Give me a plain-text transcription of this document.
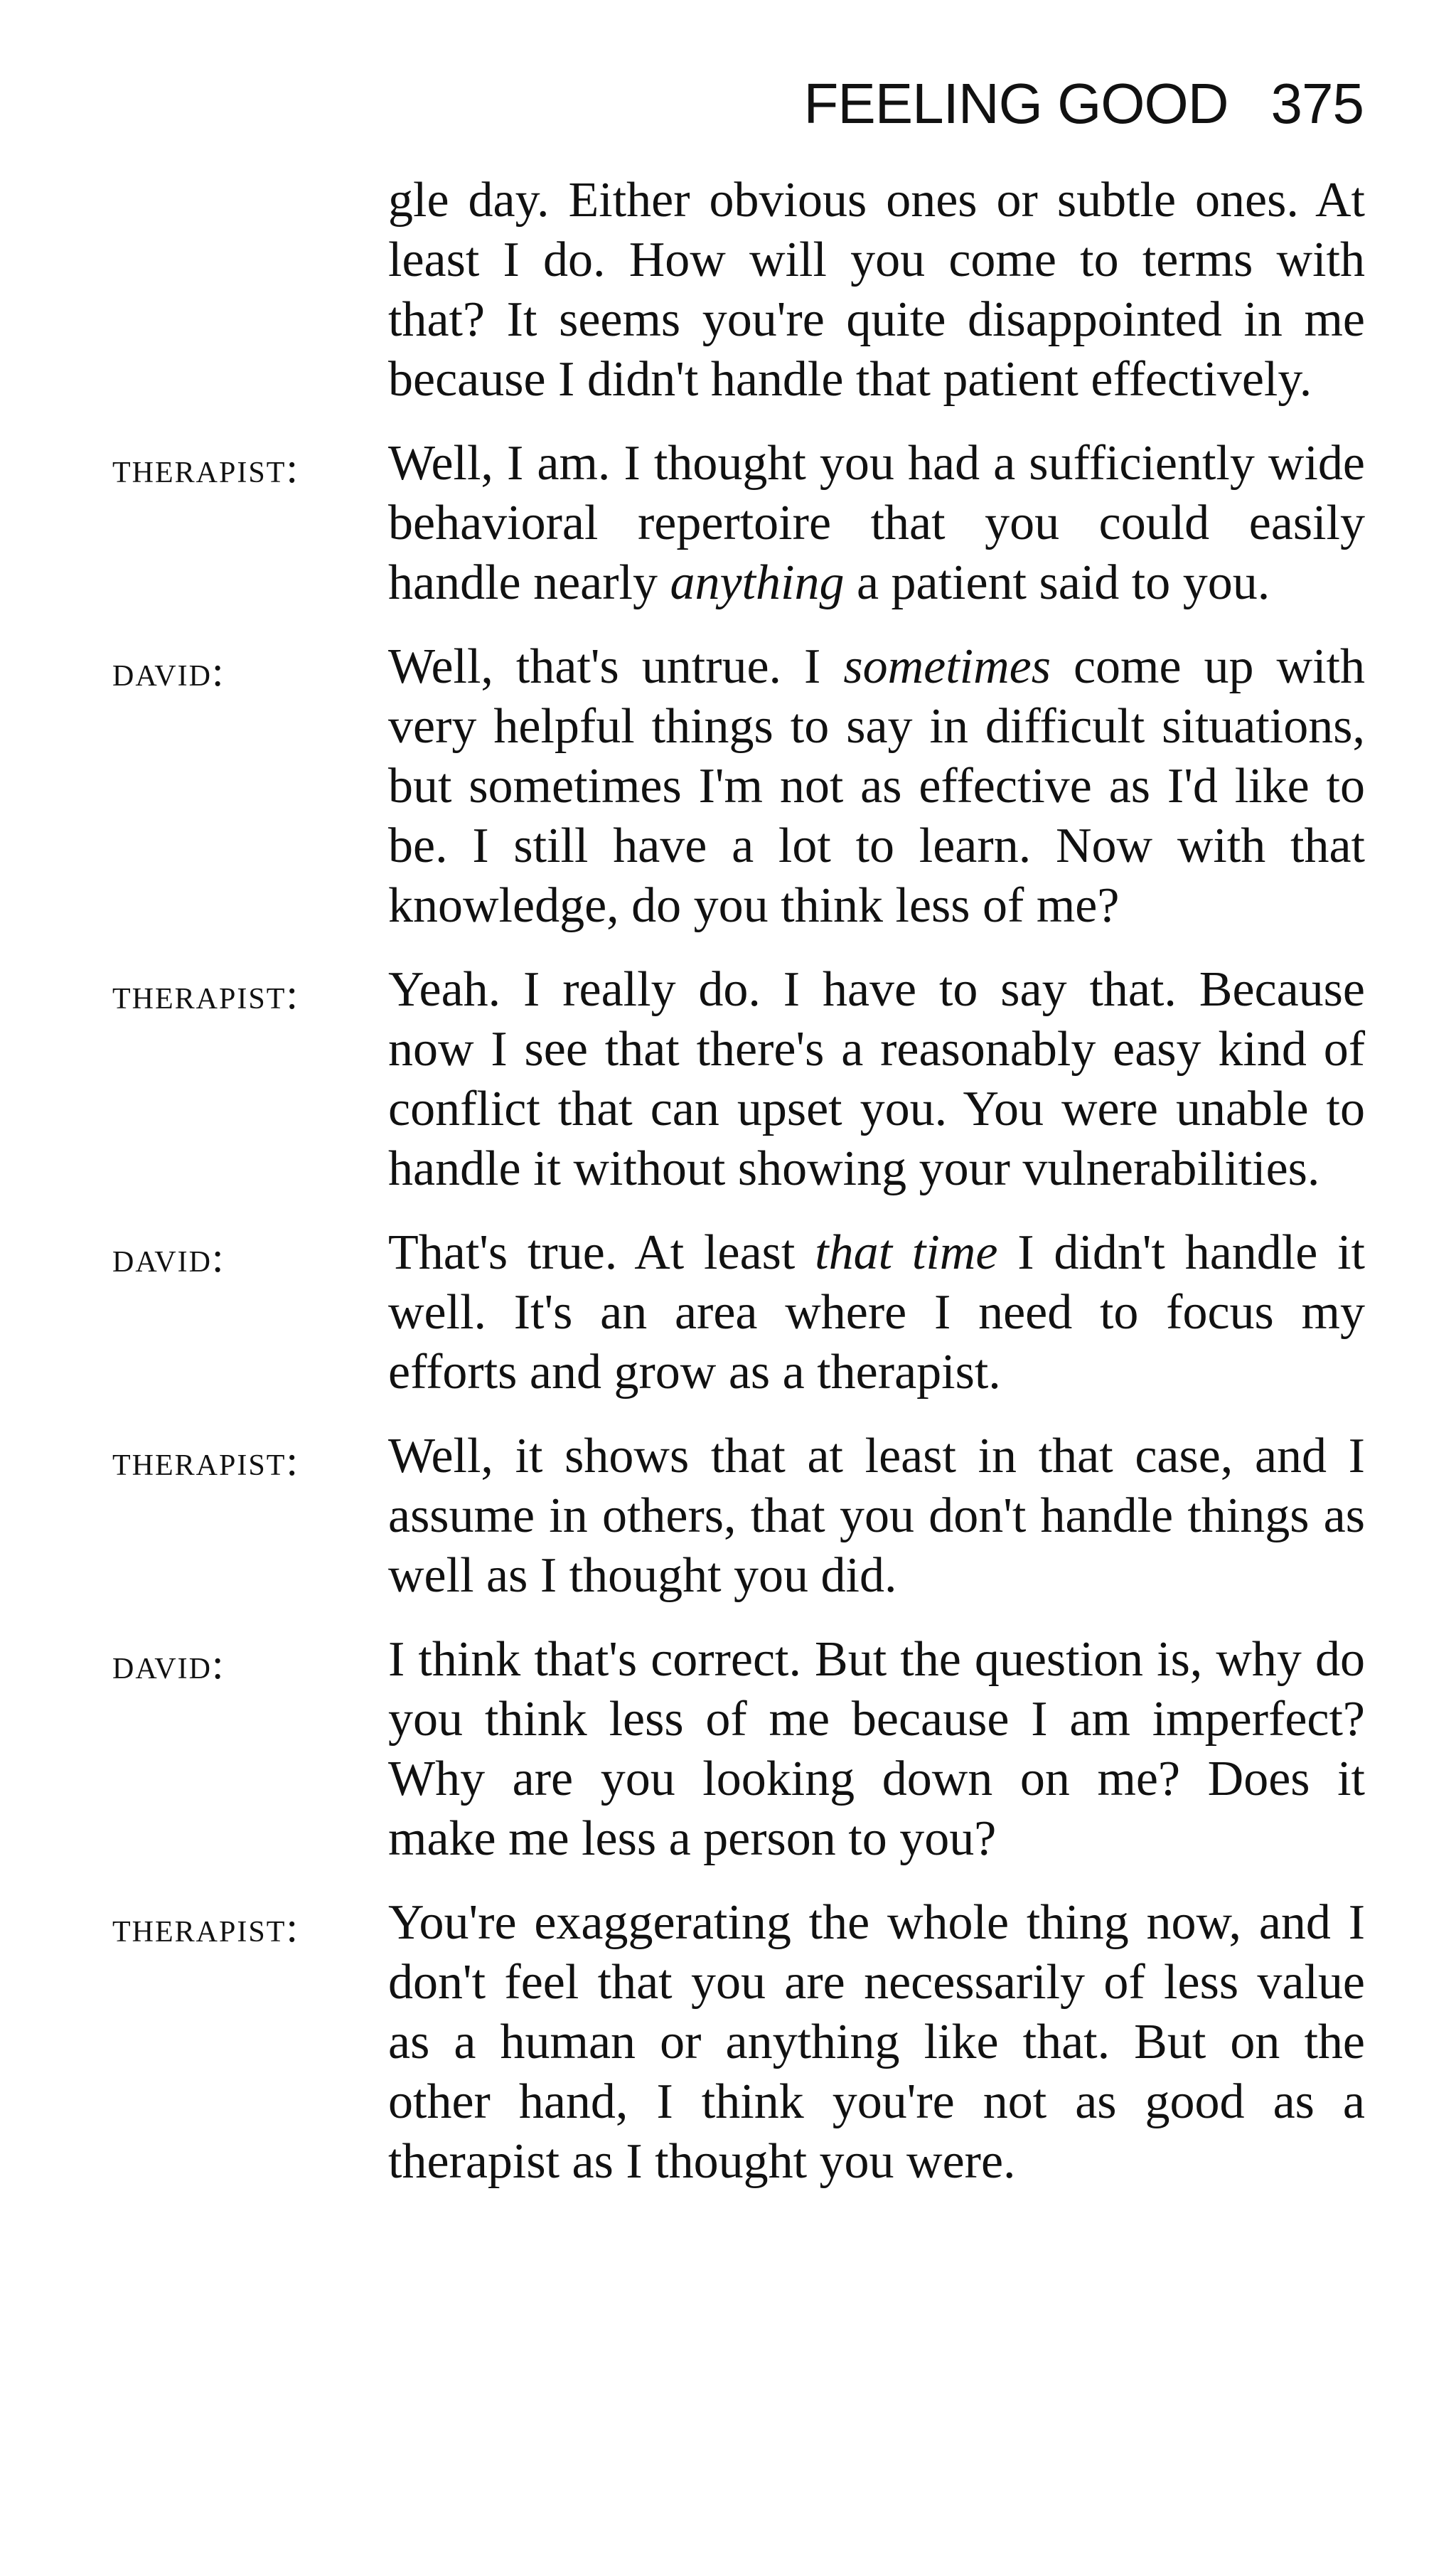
FEELING GOOD 375
gle day. Either obvious ones or subtle ones. At least I do. How will you come to terms with that? It seems you're quite disappointed in me because I didn't handle that patient effectively.
therapist:	Well, I am. I thought you had a sufficiently wide behavioral repertoire that you could easily handle nearly anything a patient said to you.

david:	Well, that's untrue. I sometimes come up with very helpful things to say in difficult situations, but sometimes I'm not as effective as I'd like to be. I still have a lot to learn. Now with that knowledge, do you think less of me?

therapist:	Yeah. I really do. I have to say that. Because now I see that there's a reasonably easy kind of conflict that can upset you. You were unable to handle it without showing your vulnerabilities.

david:	That's true. At least that time I didn't handle it well. It's an area where I need to focus my efforts and grow as a therapist.

therapist:	Well, it shows that at least in that case, and I assume in others, that you don't handle things as well as I thought you did.

david:	I think that's correct. But the question is, why do you think less of me because I am imperfect? Why are you looking down on me? Does it make me less a person to you?

therapist:	You're exaggerating the whole thing now, and I don't feel that you are necessarily of less value as a human or anything like that. But on the other hand, I think you're not as good as a therapist as I thought you were.
